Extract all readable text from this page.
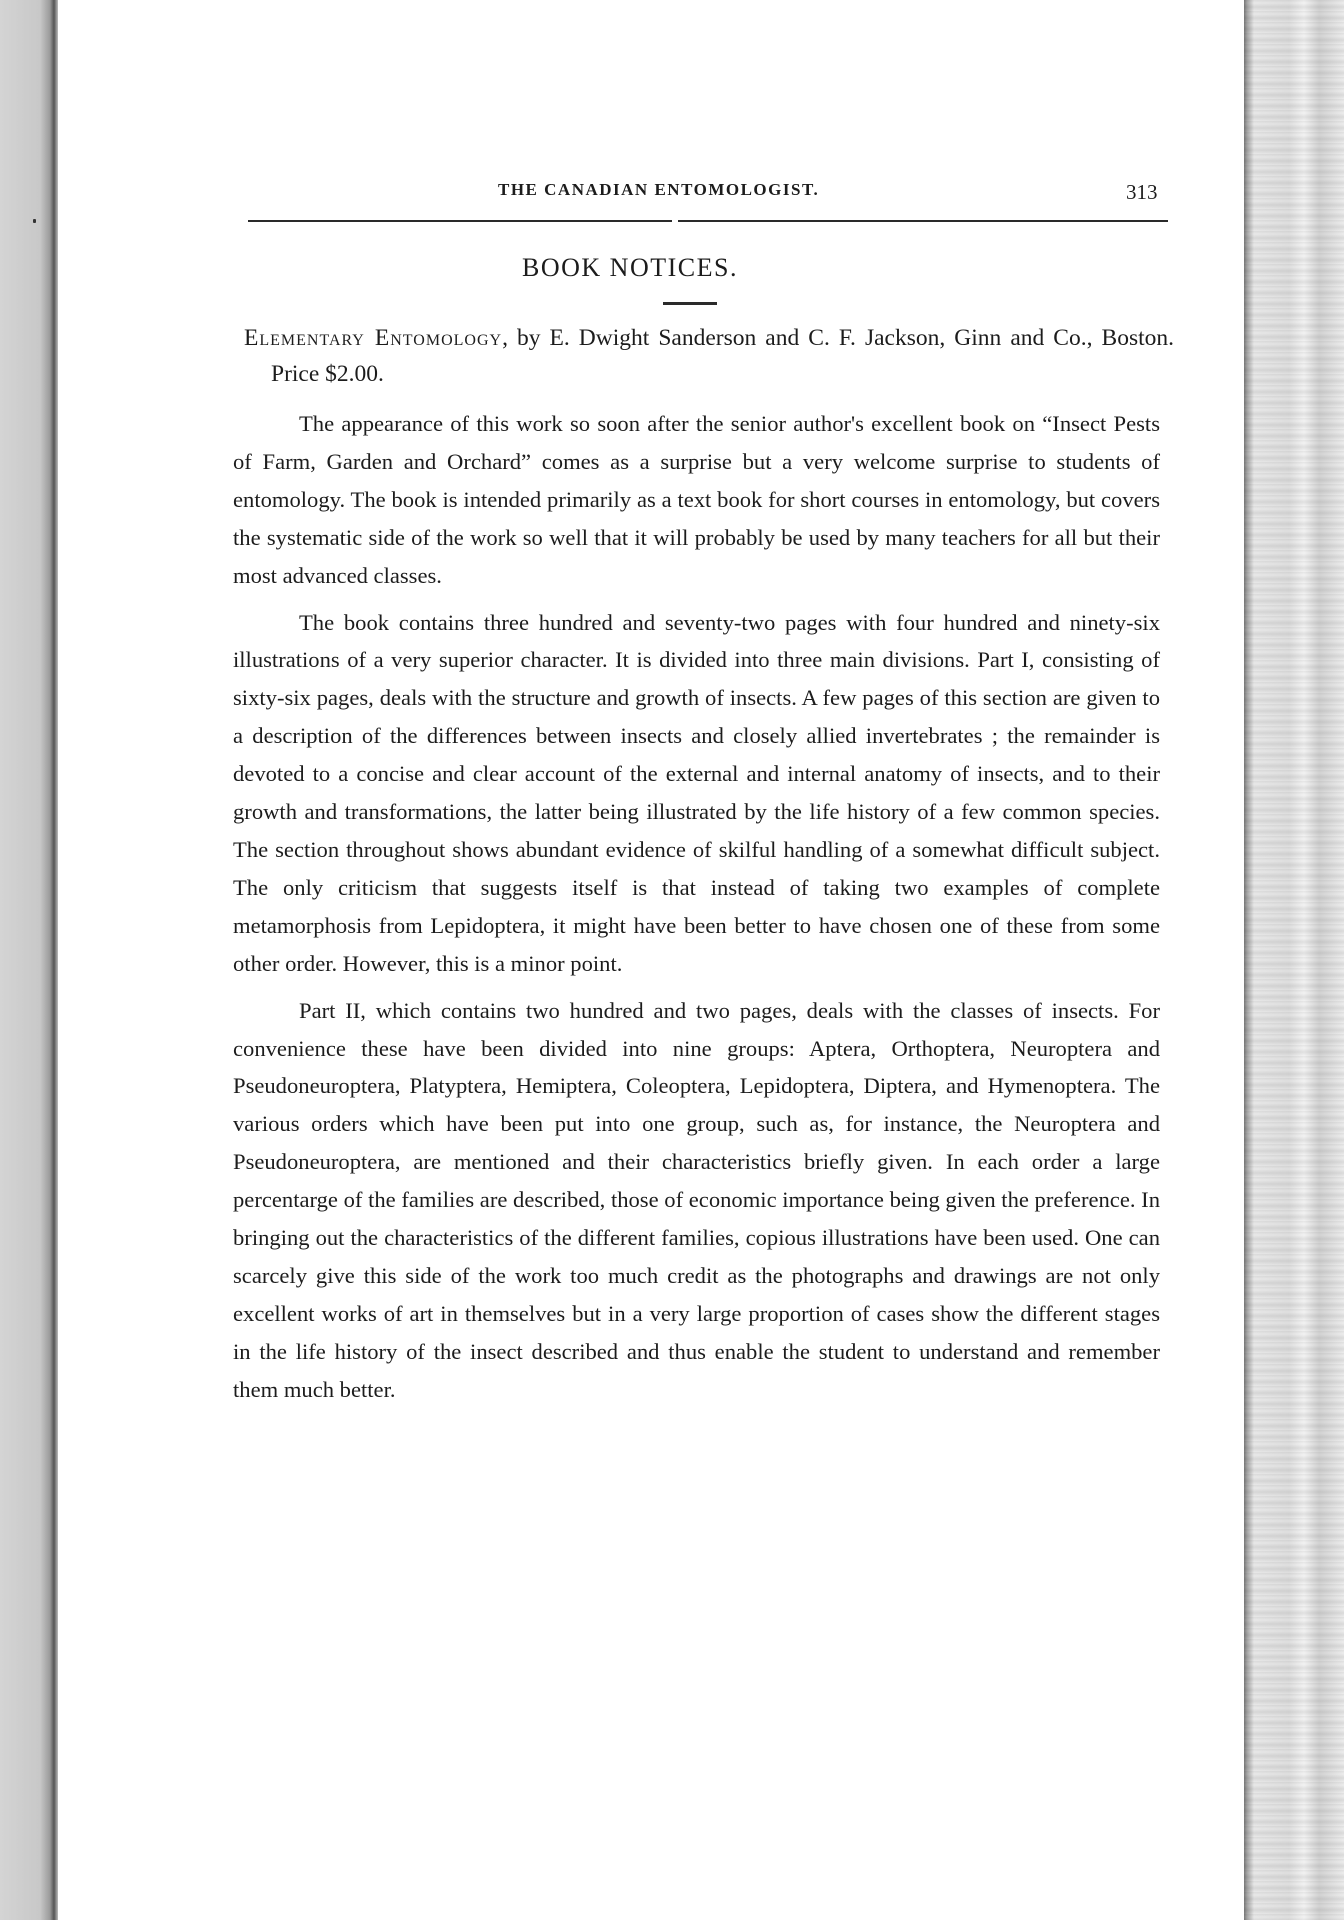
THE CANADIAN ENTOMOLOGIST.	313
BOOK NOTICES.
Elementary Entomology, by E. Dwight Sanderson and C. F. Jackson, Ginn and Co., Boston. Price $2.00.

The appearance of this work so soon after the senior author's excellent book on “Insect Pests of Farm, Garden and Orchard” comes as a surprise but a very welcome surprise to students of entomology. The book is intended primarily as a text book for short courses in entomology, but covers the systematic side of the work so well that it will probably be used by many teachers for all but their most advanced classes.

The book contains three hundred and seventy-two pages with four hundred and ninety-six illustrations of a very superior character. It is divided into three main divisions. Part I, consisting of sixty-six pages, deals with the structure and growth of insects. A few pages of this section are given to a description of the differences between insects and closely allied invertebrates ; the remainder is devoted to a concise and clear account of the external and internal anatomy of insects, and to their growth and transformations, the latter being illustrated by the life history of a few common species. The section throughout shows abundant evidence of skilful handling of a somewhat difficult subject. The only criticism that suggests itself is that instead of taking two examples of complete metamorphosis from Lepidoptera, it might have been better to have chosen one of these from some other order. However, this is a minor point.

Part II, which contains two hundred and two pages, deals with the classes of insects. For convenience these have been divided into nine groups: Aptera, Orthoptera, Neuroptera and Pseudoneuroptera, Platyptera, Hemiptera, Coleoptera, Lepidoptera, Diptera, and Hymenoptera. The various orders which have been put into one group, such as, for instance, the Neuroptera and Pseudoneuroptera, are mentioned and their characteristics briefly given. In each order a large percentarge of the families are described, those of economic importance being given the preference. In bringing out the characteristics of the different families, copious illustrations have been used. One can scarcely give this side of the work too much credit as the photographs and drawings are not only excellent works of art in themselves but in a very large proportion of cases show the different stages in the life history of the insect described and thus enable the student to understand and remember them much better.
